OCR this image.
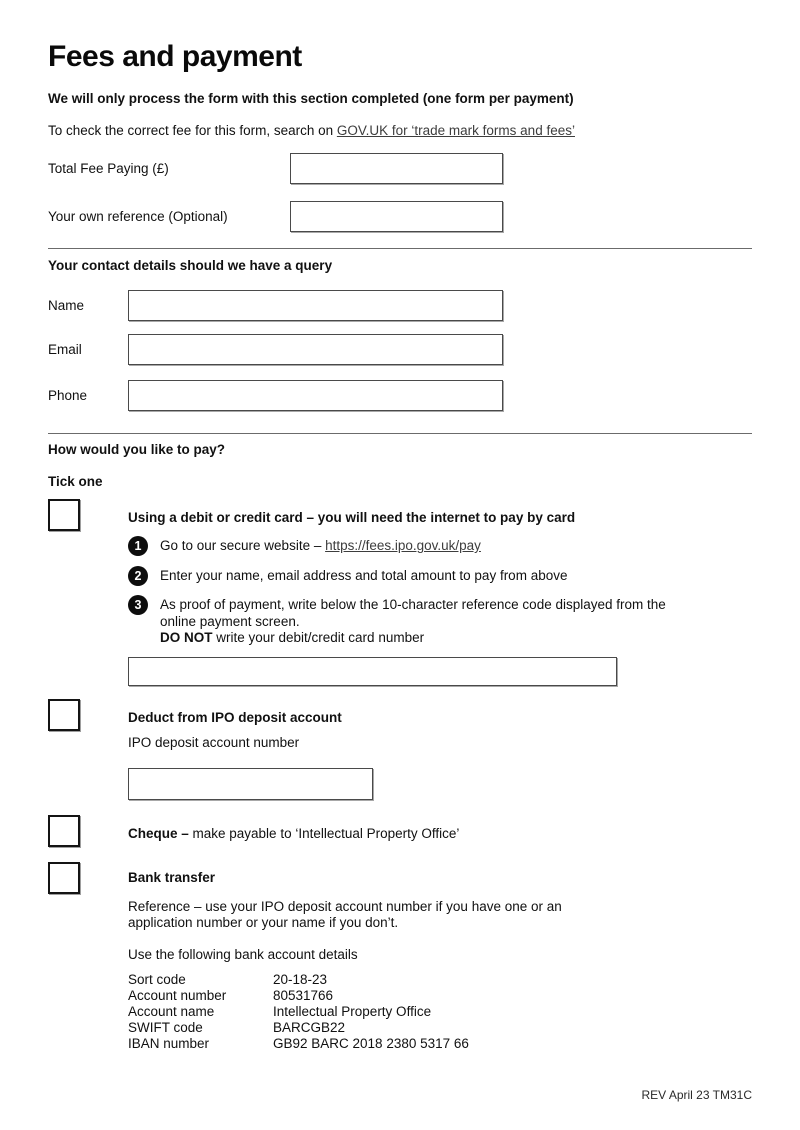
Fees and payment

We will only process the form with this section completed (one form per payment)

To check the correct fee for this form, search on GOV.UK for ‘trade mark forms and fees’

Total Fee Paying (£)
Your own reference (Optional)

Your contact details should we have a query

Name
Email
Phone

How would you like to pay?

Tick one

Using a debit or credit card – you will need the internet to pay by card

1	Go to our secure website – https://fees.ipo.gov.uk/pay
2	Enter your name, email address and total amount to pay from above
3	As proof of payment, write below the 10-character reference code displayed from the
online payment screen.
DO NOT write your debit/credit card number

Deduct from IPO deposit account

IPO deposit account number

Cheque – make payable to ‘Intellectual Property Office’

Bank transfer

Reference – use your IPO deposit account number if you have one or an
application number or your name if you don’t.

Use the following bank account details

Sort code	20-18-23
Account number	80531766
Account name	Intellectual Property Office
SWIFT code	BARCGB22
IBAN number	GB92 BARC 2018 2380 5317 66
REV April 23 TM31C
